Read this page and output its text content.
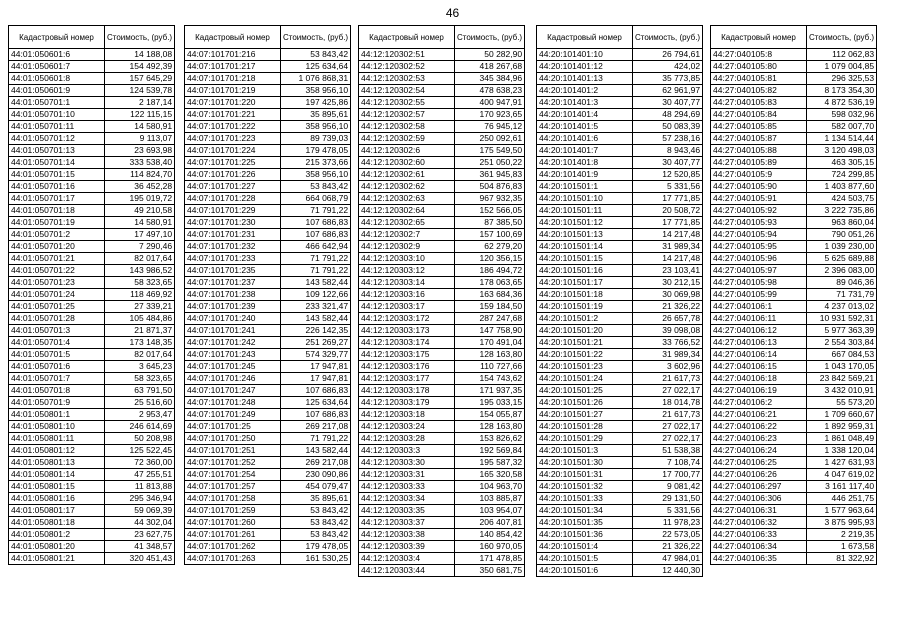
46
Кадастровый номер	Стоимость, (руб.)
44:01:050601:6	14 188,08
44:01:050601:7	154 492,39
44:01:050601:8	157 645,29
44:01:050601:9	124 539,78
44:01:050701:1	2 187,14
44:01:050701:10	122 115,15
44:01:050701:11	14 580,91
44:01:050701:12	9 113,07
44:01:050701:13	23 693,98
44:01:050701:14	333 538,40
44:01:050701:15	114 824,70
44:01:050701:16	36 452,28
44:01:050701:17	195 019,72
44:01:050701:18	49 210,58
44:01:050701:19	14 580,91
44:01:050701:2	17 497,10
44:01:050701:20	7 290,46
44:01:050701:21	82 017,64
44:01:050701:22	143 986,52
44:01:050701:23	58 323,65
44:01:050701:24	118 469,92
44:01:050701:25	27 339,21
44:01:050701:28	105 484,86
44:01:050701:3	21 871,37
44:01:050701:4	173 148,35
44:01:050701:5	82 017,64
44:01:050701:6	3 645,23
44:01:050701:7	58 323,65
44:01:050701:8	63 791,50
44:01:050701:9	25 516,60
44:01:050801:1	2 953,47
44:01:050801:10	246 614,69
44:01:050801:11	50 208,98
44:01:050801:12	125 522,45
44:01:050801:13	72 360,00
44:01:050801:14	47 255,51
44:01:050801:15	11 813,88
44:01:050801:16	295 346,94
44:01:050801:17	59 069,39
44:01:050801:18	44 302,04
44:01:050801:2	23 627,75
44:01:050801:20	41 348,57
44:01:050801:21	320 451,43
Кадастровый номер	Стоимость, (руб.)
44:07:101701:216	53 843,42
44:07:101701:217	125 634,64
44:07:101701:218	1 076 868,31
44:07:101701:219	358 956,10
44:07:101701:220	197 425,86
44:07:101701:221	35 895,61
44:07:101701:222	358 956,10
44:07:101701:223	89 739,03
44:07:101701:224	179 478,05
44:07:101701:225	215 373,66
44:07:101701:226	358 956,10
44:07:101701:227	53 843,42
44:07:101701:228	664 068,79
44:07:101701:229	71 791,22
44:07:101701:230	107 686,83
44:07:101701:231	107 686,83
44:07:101701:232	466 642,94
44:07:101701:233	71 791,22
44:07:101701:235	71 791,22
44:07:101701:237	143 582,44
44:07:101701:238	109 122,66
44:07:101701:239	233 321,47
44:07:101701:240	143 582,44
44:07:101701:241	226 142,35
44:07:101701:242	251 269,27
44:07:101701:243	574 329,77
44:07:101701:245	17 947,81
44:07:101701:246	17 947,81
44:07:101701:247	107 686,83
44:07:101701:248	125 634,64
44:07:101701:249	107 686,83
44:07:101701:25	269 217,08
44:07:101701:250	71 791,22
44:07:101701:251	143 582,44
44:07:101701:252	269 217,08
44:07:101701:254	230 090,86
44:07:101701:257	454 079,47
44:07:101701:258	35 895,61
44:07:101701:259	53 843,42
44:07:101701:260	53 843,42
44:07:101701:261	53 843,42
44:07:101701:262	179 478,05
44:07:101701:263	161 530,25
Кадастровый номер	Стоимость, (руб.)
44:12:120302:51	50 282,90
44:12:120302:52	418 267,68
44:12:120302:53	345 384,96
44:12:120302:54	478 638,23
44:12:120302:55	400 947,91
44:12:120302:57	170 923,65
44:12:120302:58	76 945,12
44:12:120302:59	250 092,61
44:12:120302:6	175 549,50
44:12:120302:60	251 050,22
44:12:120302:61	361 945,83
44:12:120302:62	504 876,83
44:12:120302:63	967 932,35
44:12:120302:64	152 566,05
44:12:120302:65	87 385,50
44:12:120302:7	157 100,69
44:12:120302:9	62 279,20
44:12:120303:10	120 356,15
44:12:120303:12	186 494,72
44:12:120303:14	178 063,65
44:12:120303:16	163 684,36
44:12:120303:17	159 184,50
44:12:120303:172	287 247,68
44:12:120303:173	147 758,90
44:12:120303:174	170 491,04
44:12:120303:175	128 163,80
44:12:120303:176	110 727,66
44:12:120303:177	154 743,62
44:12:120303:178	171 937,35
44:12:120303:179	195 033,15
44:12:120303:18	154 055,87
44:12:120303:24	128 163,80
44:12:120303:28	153 826,62
44:12:120303:3	192 569,84
44:12:120303:30	195 587,32
44:12:120303:31	165 320,58
44:12:120303:33	104 963,70
44:12:120303:34	103 885,87
44:12:120303:35	103 954,07
44:12:120303:37	206 407,81
44:12:120303:38	140 854,42
44:12:120303:39	160 970,05
44:12:120303:4	171 478,85
44:12:120303:44	350 681,75
Кадастровый номер	Стоимость, (руб.)
44:20:101401:10	26 794,61
44:20:101401:12	424,02
44:20:101401:13	35 773,85
44:20:101401:2	62 961,97
44:20:101401:3	30 407,77
44:20:101401:4	48 294,69
44:20:101401:5	50 083,39
44:20:101401:6	57 238,16
44:20:101401:7	8 943,46
44:20:101401:8	30 407,77
44:20:101401:9	12 520,85
44:20:101501:1	5 331,56
44:20:101501:10	17 771,85
44:20:101501:11	20 508,72
44:20:101501:12	17 771,85
44:20:101501:13	14 217,48
44:20:101501:14	31 989,34
44:20:101501:15	14 217,48
44:20:101501:16	23 103,41
44:20:101501:17	30 212,15
44:20:101501:18	30 069,98
44:20:101501:19	21 326,22
44:20:101501:2	26 657,78
44:20:101501:20	39 098,08
44:20:101501:21	33 766,52
44:20:101501:22	31 989,34
44:20:101501:23	3 602,96
44:20:101501:24	21 617,73
44:20:101501:25	27 022,17
44:20:101501:26	18 014,78
44:20:101501:27	21 617,73
44:20:101501:28	27 022,17
44:20:101501:29	27 022,17
44:20:101501:3	51 538,38
44:20:101501:30	7 108,74
44:20:101501:31	17 700,77
44:20:101501:32	9 081,42
44:20:101501:33	29 131,50
44:20:101501:34	5 331,56
44:20:101501:35	11 978,23
44:20:101501:36	22 573,05
44:20:101501:4	21 326,22
44:20:101501:5	47 984,01
44:20:101501:6	12 440,30
Кадастровый номер	Стоимость, (руб.)
44:27:040105:8	112 062,83
44:27:040105:80	1 079 004,85
44:27:040105:81	296 325,53
44:27:040105:82	8 173 354,30
44:27:040105:83	4 872 536,19
44:27:040105:84	598 032,96
44:27:040105:85	582 007,70
44:27:040105:87	1 134 514,44
44:27:040105:88	3 120 498,03
44:27:040105:89	463 305,15
44:27:040105:9	724 299,85
44:27:040105:90	1 403 877,60
44:27:040105:91	424 503,75
44:27:040105:92	3 222 735,86
44:27:040105:93	963 860,04
44:27:040105:94	790 051,26
44:27:040105:95	1 039 230,00
44:27:040105:96	5 625 689,88
44:27:040105:97	2 396 083,00
44:27:040105:98	89 046,36
44:27:040105:99	71 731,79
44:27:040106:1	4 237 013,02
44:27:040106:11	10 931 592,31
44:27:040106:12	5 977 363,39
44:27:040106:13	2 554 303,84
44:27:040106:14	667 084,53
44:27:040106:15	1 043 170,05
44:27:040106:18	23 842 569,21
44:27:040106:19	3 432 010,91
44:27:040106:2	55 573,20
44:27:040106:21	1 709 660,67
44:27:040106:22	1 892 959,31
44:27:040106:23	1 861 048,49
44:27:040106:24	1 338 120,04
44:27:040106:25	1 427 631,93
44:27:040106:26	4 047 619,02
44:27:040106:297	3 161 117,40
44:27:040106:306	446 251,75
44:27:040106:31	1 577 963,64
44:27:040106:32	3 875 995,93
44:27:040106:33	2 219,35
44:27:040106:34	1 673,58
44:27:040106:35	81 322,92
